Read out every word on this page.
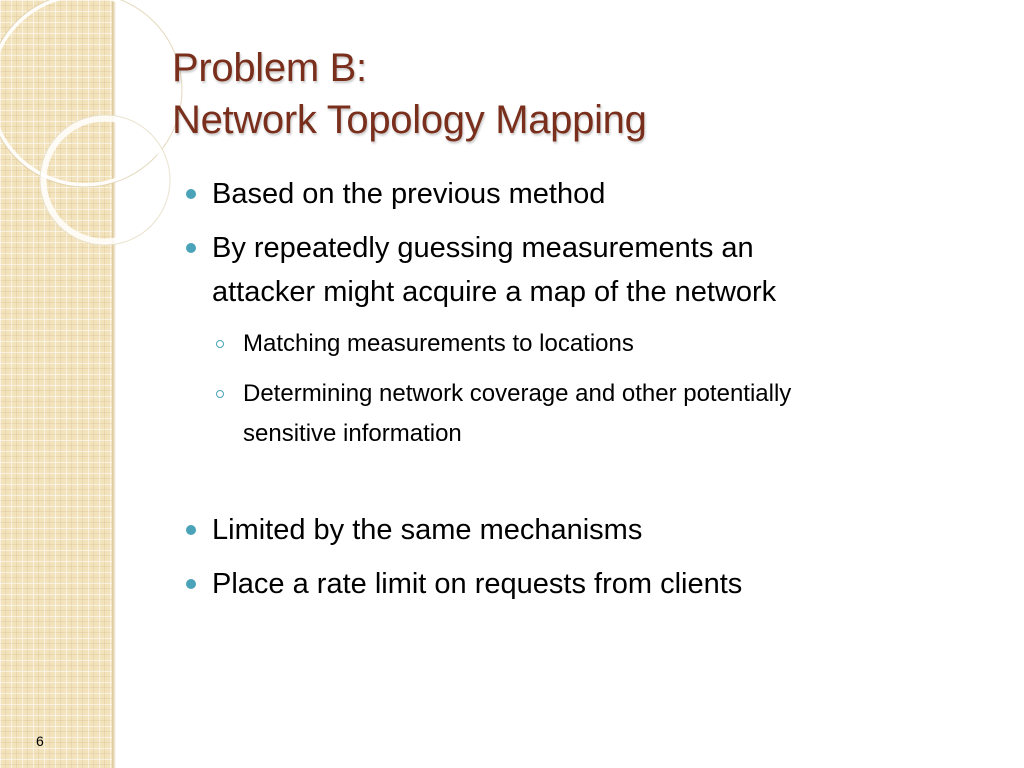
Problem B:
Network Topology Mapping
Based on the previous method
By repeatedly guessing measurements an
attacker might acquire a map of the network
Matching measurements to locations
Determining network coverage and other potentially
sensitive information
Limited by the same mechanisms
Place a rate limit on requests from clients
6
